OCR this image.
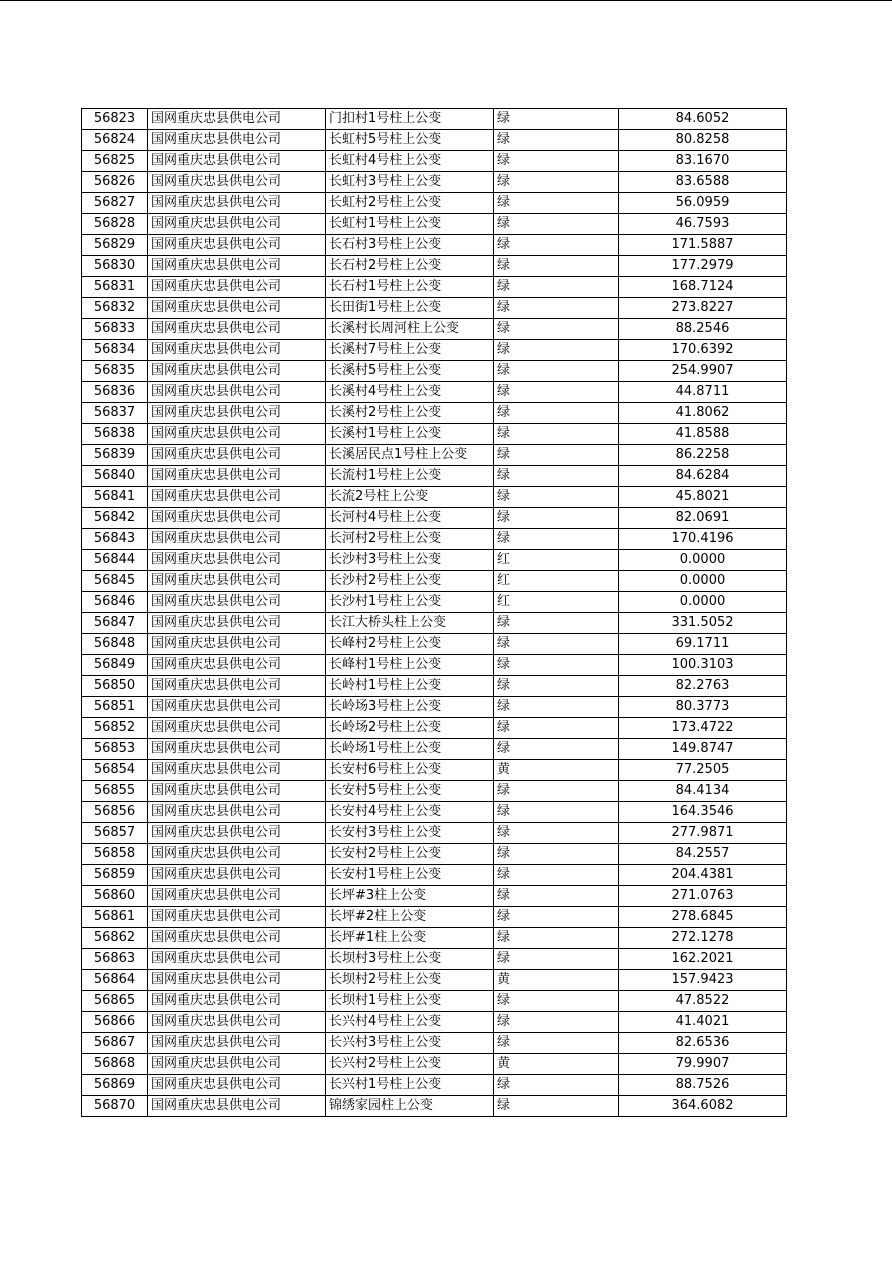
56823	国网重庆忠县供电公司	门扣村1号柱上公变	绿	84.6052
56824	国网重庆忠县供电公司	长虹村5号柱上公变	绿	80.8258
56825	国网重庆忠县供电公司	长虹村4号柱上公变	绿	83.1670
56826	国网重庆忠县供电公司	长虹村3号柱上公变	绿	83.6588
56827	国网重庆忠县供电公司	长虹村2号柱上公变	绿	56.0959
56828	国网重庆忠县供电公司	长虹村1号柱上公变	绿	46.7593
56829	国网重庆忠县供电公司	长石村3号柱上公变	绿	171.5887
56830	国网重庆忠县供电公司	长石村2号柱上公变	绿	177.2979
56831	国网重庆忠县供电公司	长石村1号柱上公变	绿	168.7124
56832	国网重庆忠县供电公司	长田街1号柱上公变	绿	273.8227
56833	国网重庆忠县供电公司	长溪村长周河柱上公变	绿	88.2546
56834	国网重庆忠县供电公司	长溪村7号柱上公变	绿	170.6392
56835	国网重庆忠县供电公司	长溪村5号柱上公变	绿	254.9907
56836	国网重庆忠县供电公司	长溪村4号柱上公变	绿	44.8711
56837	国网重庆忠县供电公司	长溪村2号柱上公变	绿	41.8062
56838	国网重庆忠县供电公司	长溪村1号柱上公变	绿	41.8588
56839	国网重庆忠县供电公司	长溪居民点1号柱上公变	绿	86.2258
56840	国网重庆忠县供电公司	长流村1号柱上公变	绿	84.6284
56841	国网重庆忠县供电公司	长流2号柱上公变	绿	45.8021
56842	国网重庆忠县供电公司	长河村4号柱上公变	绿	82.0691
56843	国网重庆忠县供电公司	长河村2号柱上公变	绿	170.4196
56844	国网重庆忠县供电公司	长沙村3号柱上公变	红	0.0000
56845	国网重庆忠县供电公司	长沙村2号柱上公变	红	0.0000
56846	国网重庆忠县供电公司	长沙村1号柱上公变	红	0.0000
56847	国网重庆忠县供电公司	长江大桥头柱上公变	绿	331.5052
56848	国网重庆忠县供电公司	长峰村2号柱上公变	绿	69.1711
56849	国网重庆忠县供电公司	长峰村1号柱上公变	绿	100.3103
56850	国网重庆忠县供电公司	长岭村1号柱上公变	绿	82.2763
56851	国网重庆忠县供电公司	长岭场3号柱上公变	绿	80.3773
56852	国网重庆忠县供电公司	长岭场2号柱上公变	绿	173.4722
56853	国网重庆忠县供电公司	长岭场1号柱上公变	绿	149.8747
56854	国网重庆忠县供电公司	长安村6号柱上公变	黄	77.2505
56855	国网重庆忠县供电公司	长安村5号柱上公变	绿	84.4134
56856	国网重庆忠县供电公司	长安村4号柱上公变	绿	164.3546
56857	国网重庆忠县供电公司	长安村3号柱上公变	绿	277.9871
56858	国网重庆忠县供电公司	长安村2号柱上公变	绿	84.2557
56859	国网重庆忠县供电公司	长安村1号柱上公变	绿	204.4381
56860	国网重庆忠县供电公司	长坪#3柱上公变	绿	271.0763
56861	国网重庆忠县供电公司	长坪#2柱上公变	绿	278.6845
56862	国网重庆忠县供电公司	长坪#1柱上公变	绿	272.1278
56863	国网重庆忠县供电公司	长坝村3号柱上公变	绿	162.2021
56864	国网重庆忠县供电公司	长坝村2号柱上公变	黄	157.9423
56865	国网重庆忠县供电公司	长坝村1号柱上公变	绿	47.8522
56866	国网重庆忠县供电公司	长兴村4号柱上公变	绿	41.4021
56867	国网重庆忠县供电公司	长兴村3号柱上公变	绿	82.6536
56868	国网重庆忠县供电公司	长兴村2号柱上公变	黄	79.9907
56869	国网重庆忠县供电公司	长兴村1号柱上公变	绿	88.7526
56870	国网重庆忠县供电公司	锦绣家园柱上公变	绿	364.6082
